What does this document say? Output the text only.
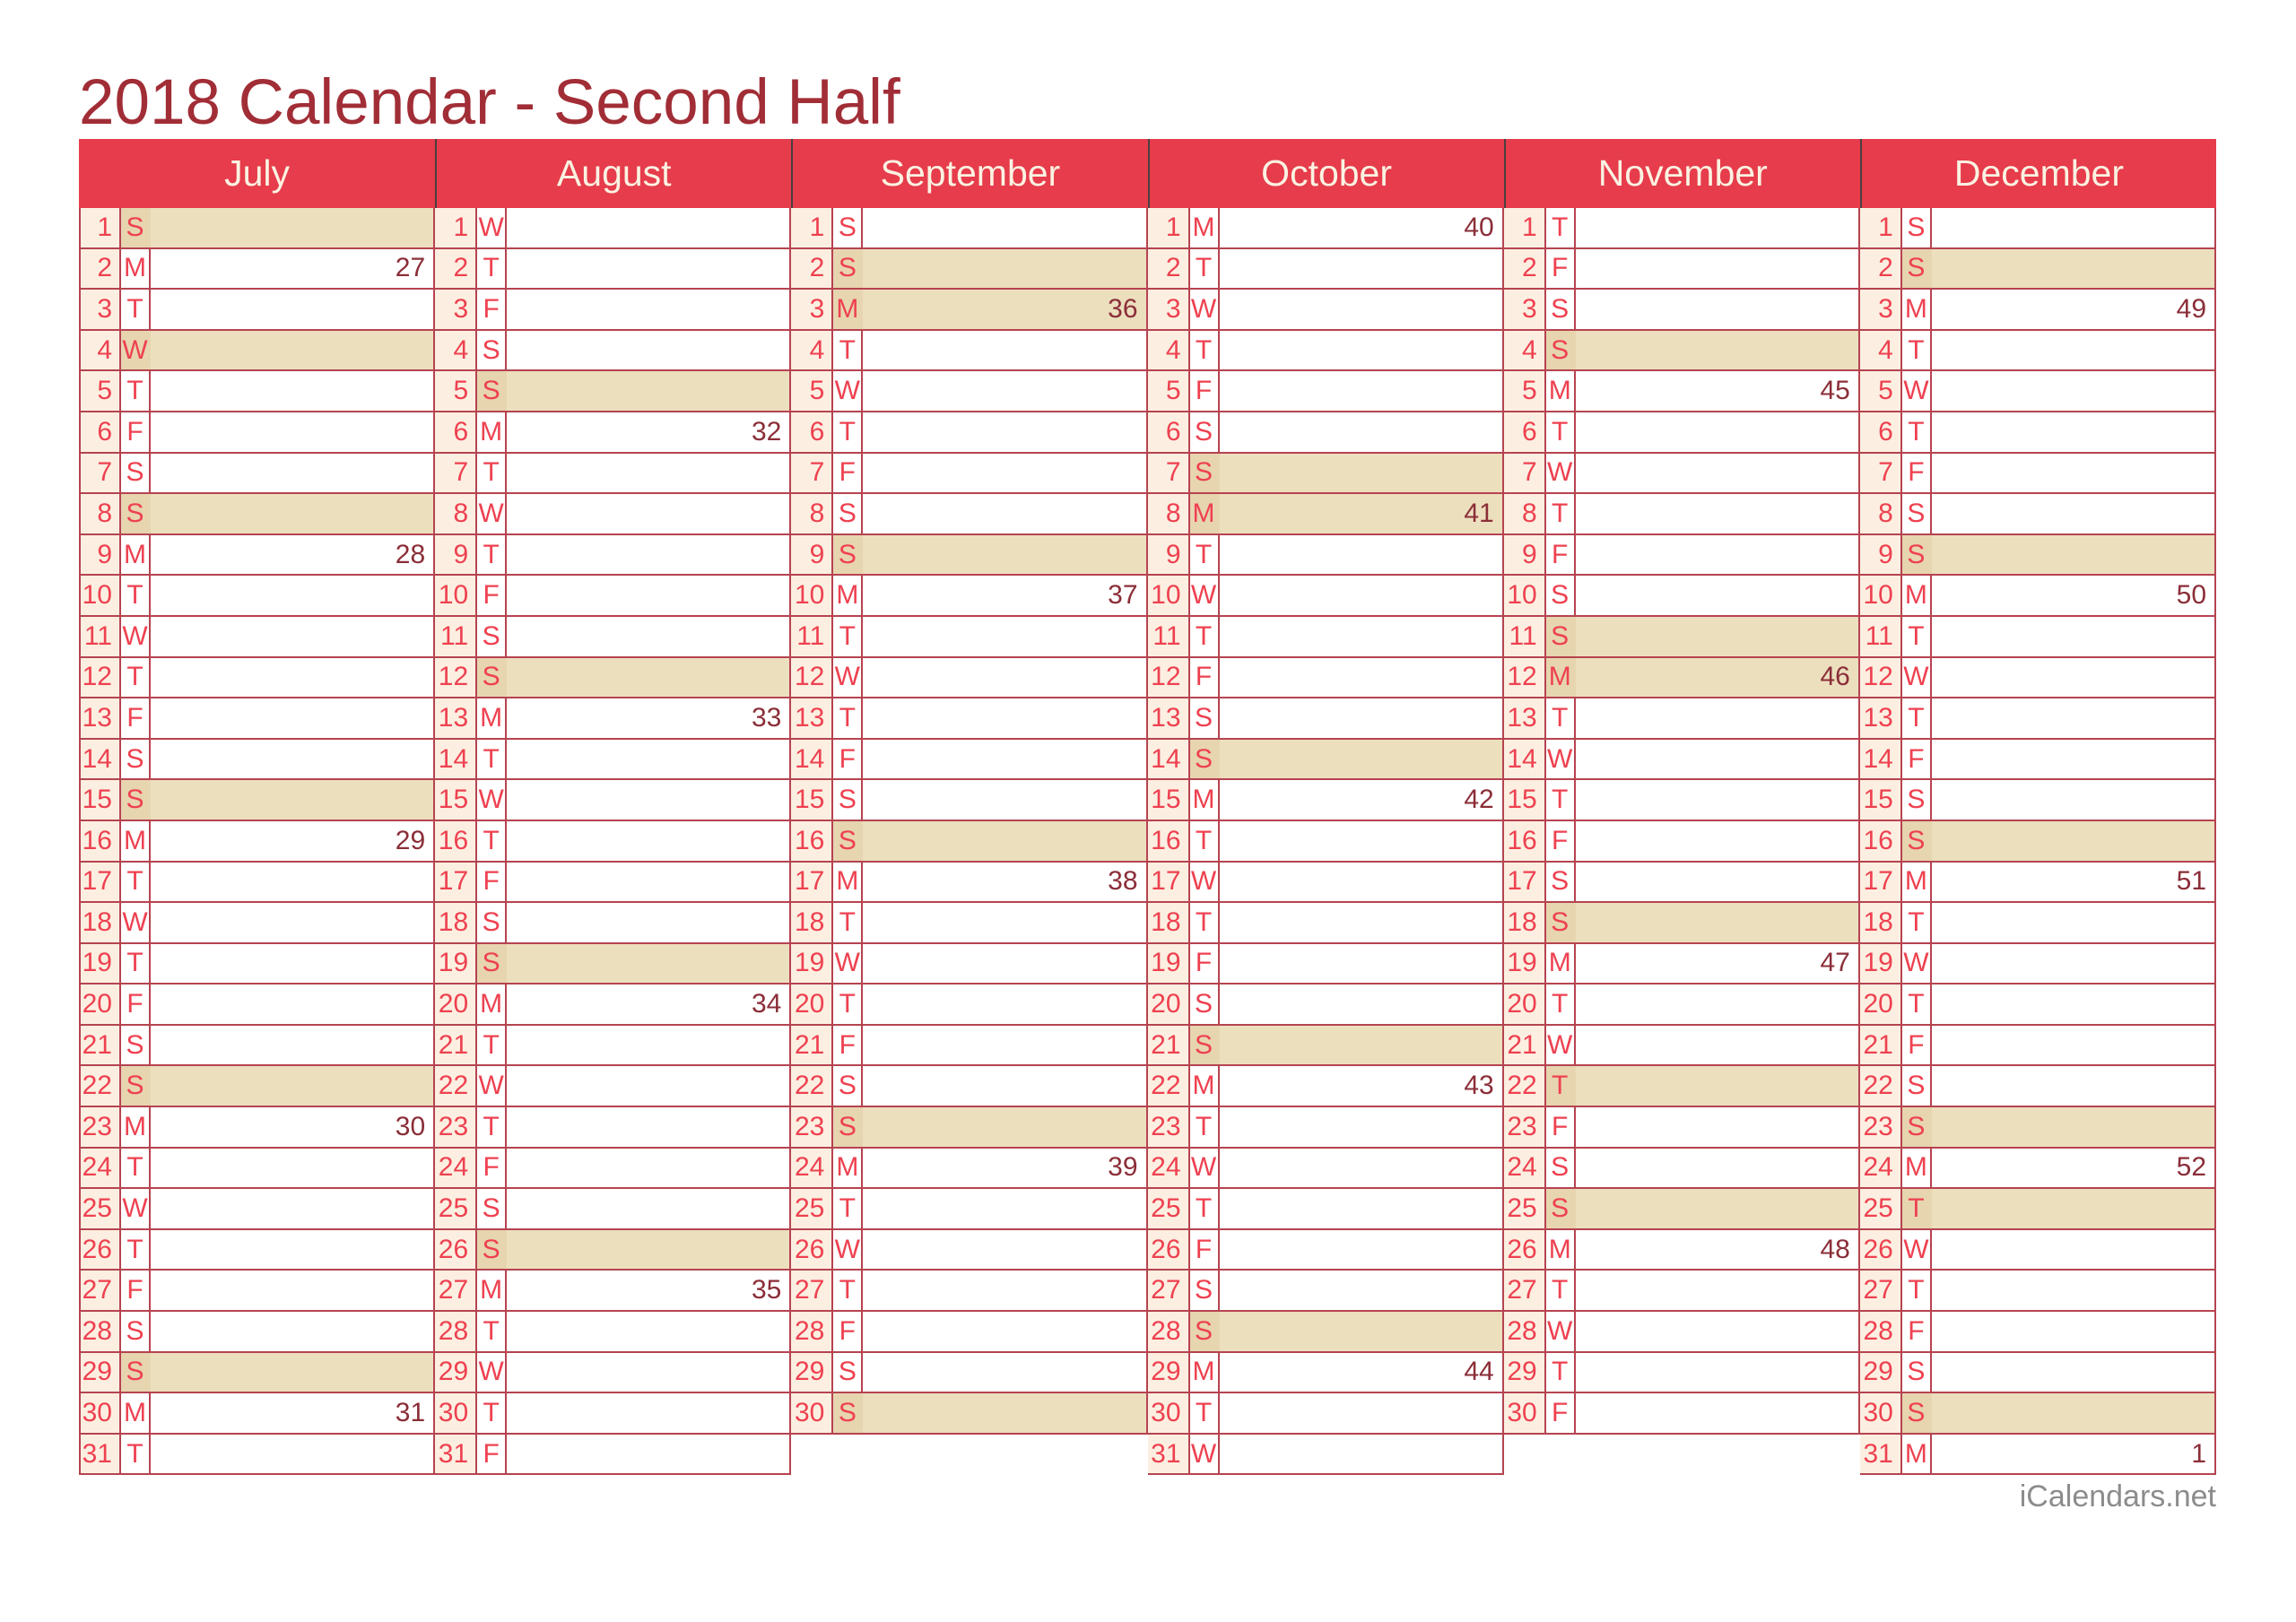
2018 Calendar - Second Half
July
1 S
2 M	27
3 T
4 W
5 T
6 F
7 S
8 S
9 M	28
10 T
11 W
12 T
13 F
14 S
15 S
16 M	29
17 T
18 W
19 T
20 F
21 S
22 S
23 M	30
24 T
25 W
26 T
27 F
28 S
29 S
30 M	31
31 T
August
1 W
2 T
3 F
4 S
5 S
6 M	32
7 T
8 W
9 T
10 F
11 S
12 S
13 M	33
14 T
15 W
16 T
17 F
18 S
19 S
20 M	34
21 T
22 W
23 T
24 F
25 S
26 S
27 M	35
28 T
29 W
30 T
31 F
September
1 S
2 S
3 M	36
4 T
5 W
6 T
7 F
8 S
9 S
10 M	37
11 T
12 W
13 T
14 F
15 S
16 S
17 M	38
18 T
19 W
20 T
21 F
22 S
23 S
24 M	39
25 T
26 W
27 T
28 F
29 S
30 S
October
1 M	40
2 T
3 W
4 T
5 F
6 S
7 S
8 M	41
9 T
10 W
11 T
12 F
13 S
14 S
15 M	42
16 T
17 W
18 T
19 F
20 S
21 S
22 M	43
23 T
24 W
25 T
26 F
27 S
28 S
29 M	44
30 T
31 W
November
1 T
2 F
3 S
4 S
5 M	45
6 T
7 W
8 T
9 F
10 S
11 S
12 M	46
13 T
14 W
15 T
16 F
17 S
18 S
19 M	47
20 T
21 W
22 T
23 F
24 S
25 S
26 M	48
27 T
28 W
29 T
30 F
December
1 S
2 S
3 M	49
4 T
5 W
6 T
7 F
8 S
9 S
10 M	50
11 T
12 W
13 T
14 F
15 S
16 S
17 M	51
18 T
19 W
20 T
21 F
22 S
23 S
24 M	52
25 T
26 W
27 T
28 F
29 S
30 S
31 M	1
iCalendars.net
